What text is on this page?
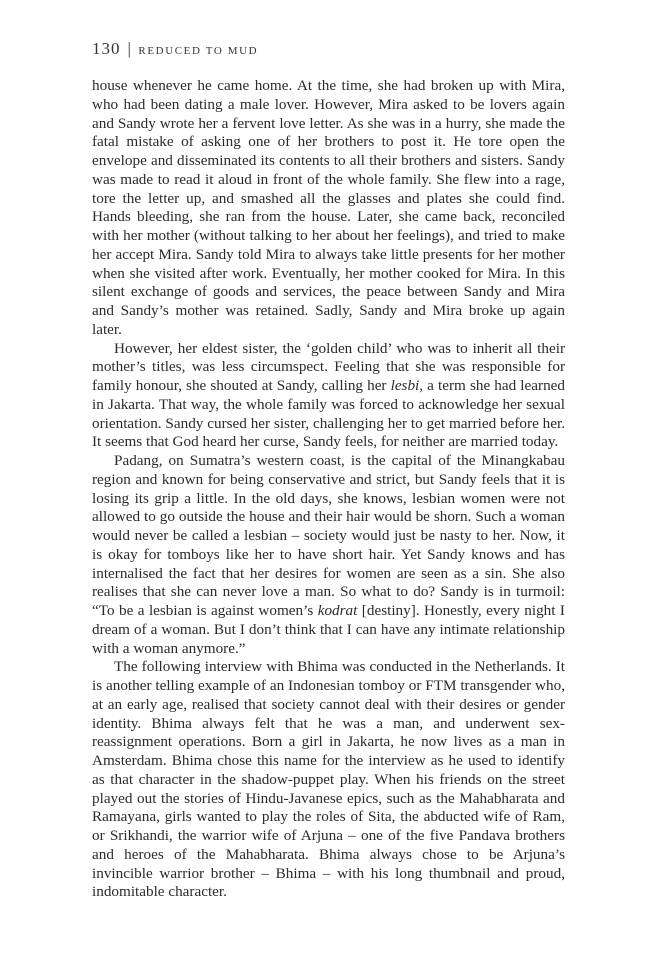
130 | REDUCED TO MUD

house whenever he came home. At the time, she had broken up with Mira, who had been dating a male lover. However, Mira asked to be lovers again and Sandy wrote her a fervent love letter. As she was in a hurry, she made the fatal mistake of asking one of her brothers to post it. He tore open the envelope and disseminated its contents to all their brothers and sisters. Sandy was made to read it aloud in front of the whole family. She flew into a rage, tore the letter up, and smashed all the glasses and plates she could find. Hands bleeding, she ran from the house. Later, she came back, reconciled with her mother (without talking to her about her feelings), and tried to make her accept Mira. Sandy told Mira to always take little presents for her mother when she visited after work. Eventually, her mother cooked for Mira. In this silent exchange of goods and services, the peace between Sandy and Mira and Sandy’s mother was retained. Sadly, Sandy and Mira broke up again later.

However, her eldest sister, the ‘golden child’ who was to inherit all their mother’s titles, was less circumspect. Feeling that she was responsible for family honour, she shouted at Sandy, calling her lesbi, a term she had learned in Jakarta. That way, the whole family was forced to acknowledge her sexual orientation. Sandy cursed her sister, challenging her to get married before her. It seems that God heard her curse, Sandy feels, for neither are married today.

Padang, on Sumatra’s western coast, is the capital of the Minangkabau region and known for being conservative and strict, but Sandy feels that it is losing its grip a little. In the old days, she knows, lesbian women were not allowed to go outside the house and their hair would be shorn. Such a woman would never be called a lesbian – society would just be nasty to her. Now, it is okay for tomboys like her to have short hair. Yet Sandy knows and has internalised the fact that her desires for women are seen as a sin. She also realises that she can never love a man. So what to do? Sandy is in turmoil: “To be a lesbian is against women’s kodrat [destiny]. Honestly, every night I dream of a woman. But I don’t think that I can have any intimate relationship with a woman anymore.”

The following interview with Bhima was conducted in the Netherlands. It is another telling example of an Indonesian tomboy or FTM transgender who, at an early age, realised that society cannot deal with their desires or gender identity. Bhima always felt that he was a man, and underwent sex-reassignment operations. Born a girl in Jakarta, he now lives as a man in Amsterdam. Bhima chose this name for the interview as he used to identify as that character in the shadow-puppet play. When his friends on the street played out the stories of Hindu-Javanese epics, such as the Mahabharata and Ramayana, girls wanted to play the roles of Sita, the abducted wife of Ram, or Srikhandi, the warrior wife of Arjuna – one of the five Pandava brothers and heroes of the Mahabharata. Bhima always chose to be Arjuna’s invincible warrior brother – Bhima – with his long thumbnail and proud, indomitable character.
